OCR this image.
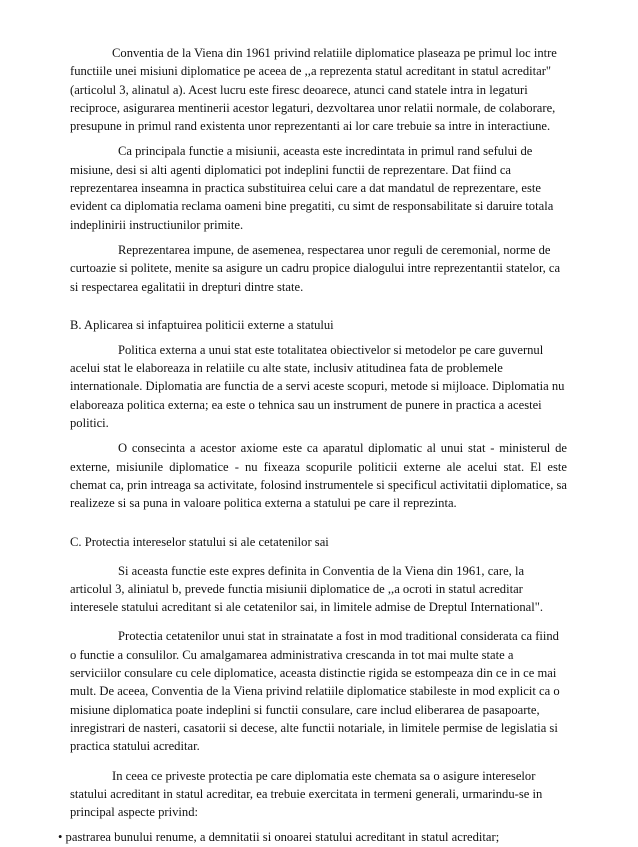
Conventia de la Viena din 1961 privind relatiile diplomatice plaseaza pe primul loc intre functiile unei misiuni diplomatice pe aceea de ,,a reprezenta statul acreditant in statul acreditar" (articolul 3, alinatul a). Acest lucru este firesc deoarece, atunci cand statele intra in legaturi reciproce, asigurarea mentinerii acestor legaturi, dezvoltarea unor relatii normale, de colaborare, presupune in primul rand existenta unor reprezentanti ai lor care trebuie sa intre in interactiune.

Ca principala functie a misiunii, aceasta este incredintata in primul rand sefului de misiune, desi si alti agenti diplomatici pot indeplini functii de reprezentare. Dat fiind ca reprezentarea inseamna in practica substituirea celui care a dat mandatul de reprezentare, este evident ca diplomatia reclama oameni bine pregatiti, cu simt de responsabilitate si daruire totala indeplinirii instructiunilor primite.

Reprezentarea impune, de asemenea, respectarea unor reguli de ceremonial, norme de curtoazie si politete, menite sa asigure un cadru propice dialogului intre reprezentantii statelor, ca si respectarea egalitatii in drepturi dintre state.

B. Aplicarea si infaptuirea politicii externe a statului

Politica externa a unui stat este totalitatea obiectivelor si metodelor pe care guvernul acelui stat le elaboreaza in relatiile cu alte state, inclusiv atitudinea fata de problemele internationale. Diplomatia are functia de a servi aceste scopuri, metode si mijloace. Diplomatia nu elaboreaza politica externa; ea este o tehnica sau un instrument de punere in practica a acestei politici.

O consecinta a acestor axiome este ca aparatul diplomatic al unui stat - ministerul de externe, misiunile diplomatice - nu fixeaza scopurile politicii externe ale acelui stat. El este chemat ca, prin intreaga sa activitate, folosind instrumentele si specificul activitatii diplomatice, sa realizeze si sa puna in valoare politica externa a statului pe care il reprezinta.

C. Protectia intereselor statului si ale cetatenilor sai

Si aceasta functie este expres definita in Conventia de la Viena din 1961, care, la articolul 3, aliniatul b, prevede functia misiunii diplomatice de ,,a ocroti in statul acreditar interesele statului acreditant si ale cetatenilor sai, in limitele admise de Dreptul International".

Protectia cetatenilor unui stat in strainatate a fost in mod traditional considerata ca fiind o functie a consulilor. Cu amalgamarea administrativa crescanda in tot mai multe state a serviciilor consulare cu cele diplomatice, aceasta distinctie rigida se estompeaza din ce in ce mai mult. De aceea, Conventia de la Viena privind relatiile diplomatice stabileste in mod explicit ca o misiune diplomatica poate indeplini si functii consulare, care includ eliberarea de pasapoarte, inregistrari de nasteri, casatorii si decese, alte functii notariale, in limitele permise de legislatia si practica statului acreditar.

In ceea ce priveste protectia pe care diplomatia este chemata sa o asigure intereselor statului acreditant in statul acreditar, ea trebuie exercitata in termeni generali, urmarindu-se in principal aspecte privind:

• pastrarea bunului renume, a demnitatii si onoarei statului acreditant in statul acreditar;
